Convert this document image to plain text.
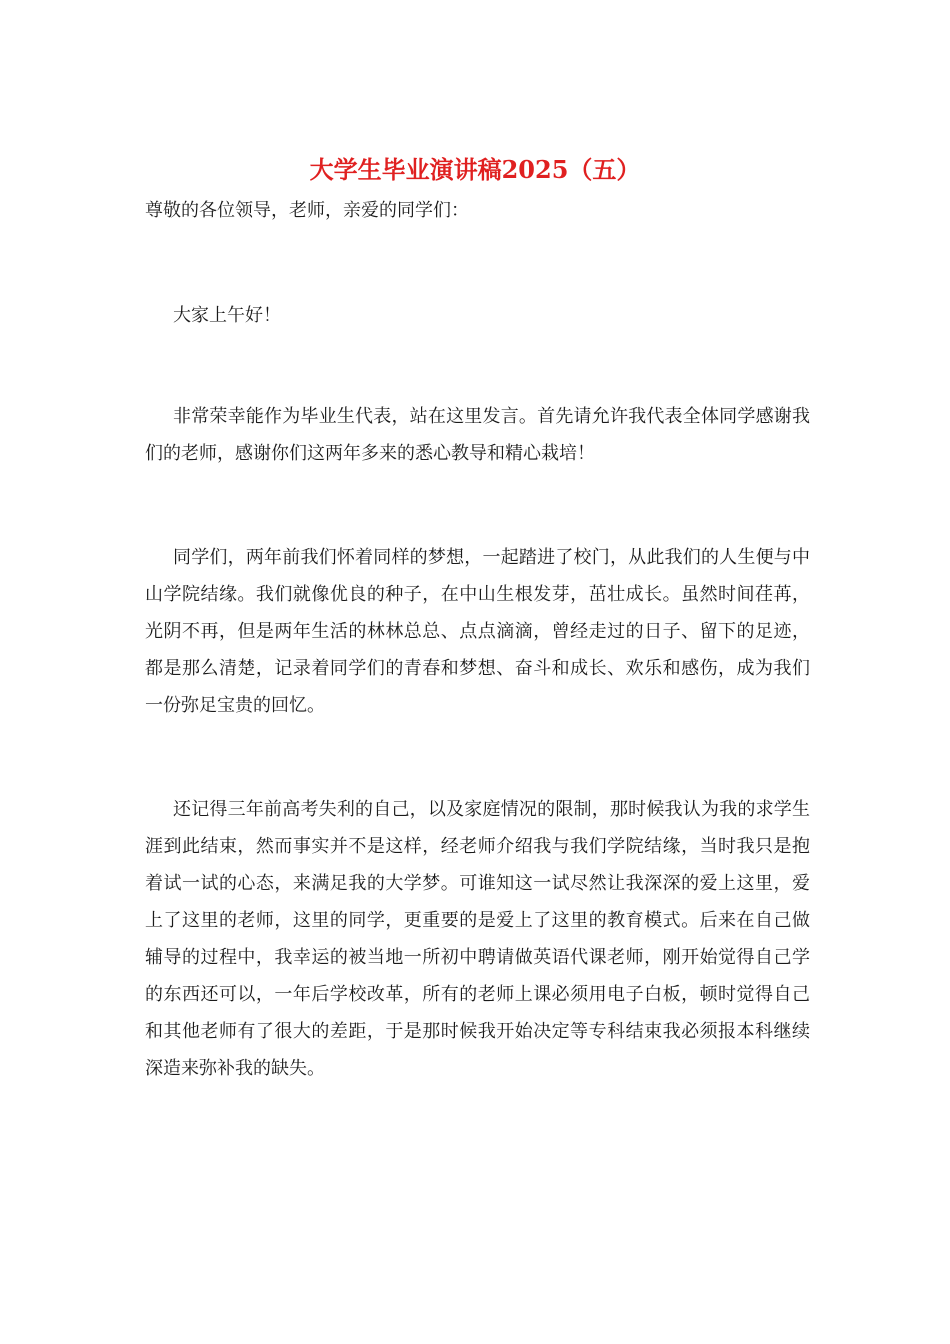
大学生毕业演讲稿2025（五）

尊敬的各位领导，老师，亲爱的同学们：

大家上午好！

非常荣幸能作为毕业生代表，站在这里发言。首先请允许我代表全体同学感谢我们的老师，感谢你们这两年多来的悉心教导和精心栽培！

同学们，两年前我们怀着同样的梦想，一起踏进了校门，从此我们的人生便与中山学院结缘。我们就像优良的种子，在中山生根发芽，茁壮成长。虽然时间荏苒，光阴不再，但是两年生活的林林总总、点点滴滴，曾经走过的日子、留下的足迹，都是那么清楚，记录着同学们的青春和梦想、奋斗和成长、欢乐和感伤，成为我们一份弥足宝贵的回忆。

还记得三年前高考失利的自己，以及家庭情况的限制，那时候我认为我的求学生涯到此结束，然而事实并不是这样，经老师介绍我与我们学院结缘，当时我只是抱着试一试的心态，来满足我的大学梦。可谁知这一试尽然让我深深的爱上这里，爱上了这里的老师，这里的同学，更重要的是爱上了这里的教育模式。后来在自己做辅导的过程中，我幸运的被当地一所初中聘请做英语代课老师，刚开始觉得自己学的东西还可以，一年后学校改革，所有的老师上课必须用电子白板，顿时觉得自己和其他老师有了很大的差距，于是那时候我开始决定等专科结束我必须报本科继续深造来弥补我的缺失。
